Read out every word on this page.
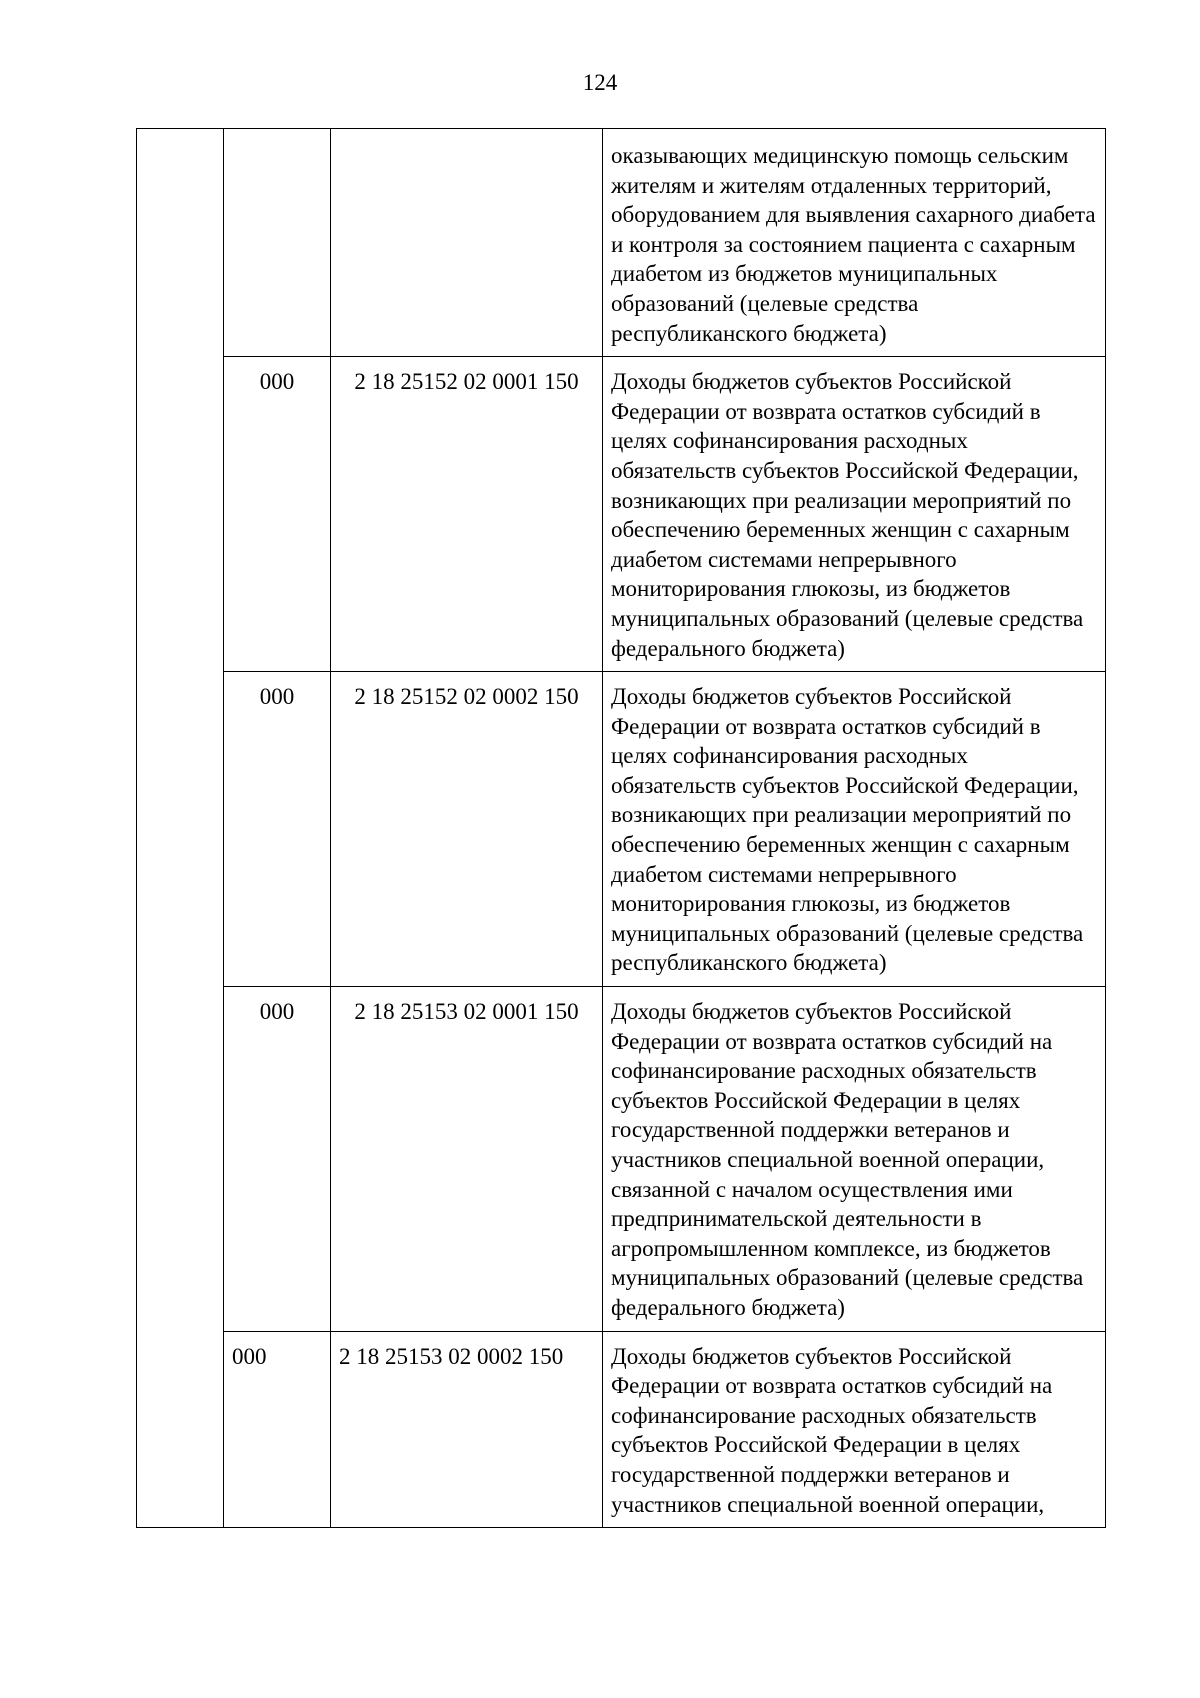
124
			оказывающих медицинскую помощь сельским жителям и жителям отдаленных территорий, оборудованием для выявления сахарного диабета и контроля за состоянием пациента с сахарным диабетом из бюджетов муниципальных образований (целевые средства республиканского бюджета)
	000	2 18 25152 02 0001 150	Доходы бюджетов субъектов Российской Федерации от возврата остатков субсидий в целях софинансирования расходных обязательств субъектов Российской Федерации, возникающих при реализации мероприятий по обеспечению беременных женщин с сахарным диабетом системами непрерывного мониторирования глюкозы, из бюджетов муниципальных образований (целевые средства федерального бюджета)
	000	2 18 25152 02 0002 150	Доходы бюджетов субъектов Российской Федерации от возврата остатков субсидий в целях софинансирования расходных обязательств субъектов Российской Федерации, возникающих при реализации мероприятий по обеспечению беременных женщин с сахарным диабетом системами непрерывного мониторирования глюкозы, из бюджетов муниципальных образований (целевые средства республиканского бюджета)
	000	2 18 25153 02 0001 150	Доходы бюджетов субъектов Российской Федерации от возврата остатков субсидий на софинансирование расходных обязательств субъектов Российской Федерации в целях государственной поддержки ветеранов и участников специальной военной операции, связанной с началом осуществления ими предпринимательской деятельности в агропромышленном комплексе, из бюджетов муниципальных образований (целевые средства федерального бюджета)
	000	2 18 25153 02 0002 150	Доходы бюджетов субъектов Российской Федерации от возврата остатков субсидий на софинансирование расходных обязательств субъектов Российской Федерации в целях государственной поддержки ветеранов и участников специальной военной операции,
